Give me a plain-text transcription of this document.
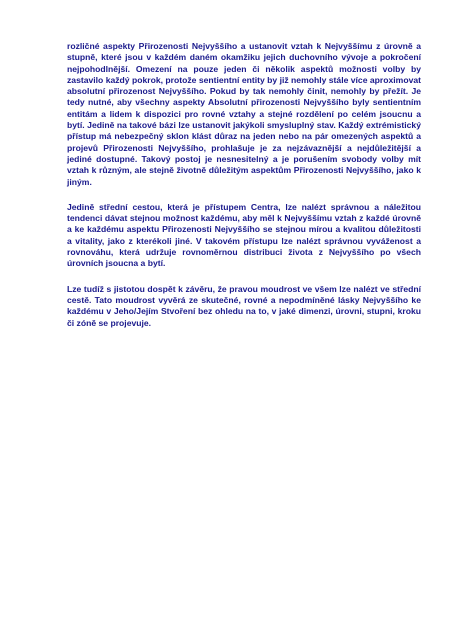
rozličné aspekty Přirozenosti Nejvyššího a ustanovit vztah k Nejvyššímu z úrovně a stupně, které jsou v každém daném okamžiku jejich duchovního vývoje a pokročení nejpohodlnější. Omezení na pouze jeden či několik aspektů možnosti volby by zastavilo každý pokrok, protože sentientní entity by již nemohly stále více aproximovat absolutní přirozenost Nejvyššího. Pokud by tak nemohly činit, nemohly by přežít. Je tedy nutné, aby všechny aspekty Absolutní přirozenosti Nejvyššího byly sentientním entitám a lidem k dispozici pro rovné vztahy a stejné rozdělení po celém jsoucnu a bytí. Jedině na takové bázi lze ustanovit jakýkoli smysluplný stav. Každý extrémistický přístup má nebezpečný sklon klást důraz na jeden nebo na pár omezených aspektů a projevů Přirozenosti Nejvyššího, prohlašuje je za nejzávaznější a nejdůležitější a jediné dostupné. Takový postoj je nesnesitelný a je porušením svobody volby mít vztah k různým, ale stejně životně důležitým aspektům Přirozenosti Nejvyššího, jako k jiným.

Jedině střední cestou, která je přístupem Centra, lze nalézt správnou a náležitou tendenci dávat stejnou možnost každému, aby měl k Nejvyššímu vztah z každé úrovně a ke každému aspektu Přirozenosti Nejvyššího se stejnou mírou a kvalitou důležitosti a vitality, jako z kterékoli jiné. V takovém přístupu lze nalézt správnou vyváženost a rovnováhu, která udržuje rovnoměrnou distribuci života z Nejvyššího po všech úrovních jsoucna a bytí.

Lze tudíž s jistotou dospět k závěru, že pravou moudrost ve všem lze nalézt ve střední cestě. Tato moudrost vyvěrá ze skutečné, rovné a nepodmíněné lásky Nejvyššího ke každému v Jeho/Jejím Stvoření bez ohledu na to, v jaké dimenzi, úrovni, stupni, kroku či zóně se projevuje.
